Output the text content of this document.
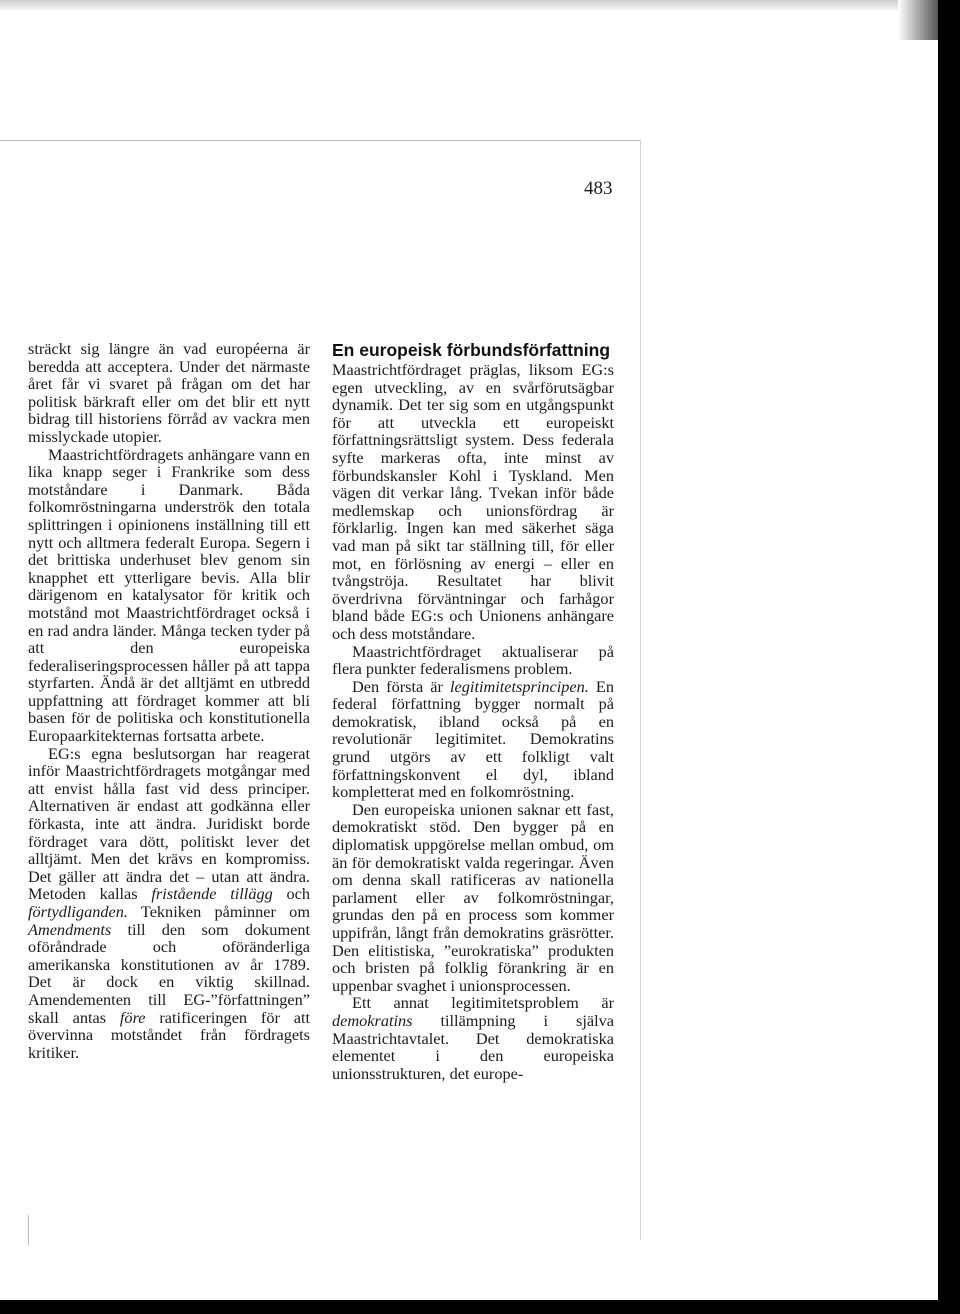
483

sträckt sig längre än vad européerna är beredda att acceptera. Under det närmaste året får vi svaret på frågan om det har politisk bärkraft eller om det blir ett nytt bidrag till historiens förråd av vackra men misslyckade utopier.

Maastrichtfördragets anhängare vann en lika knapp seger i Frankrike som dess motståndare i Danmark. Båda folkomröstningarna underströk den totala splittringen i opinionens inställning till ett nytt och alltmera federalt Europa. Segern i det brittiska underhuset blev genom sin knapphet ett ytterligare bevis. Alla blir därigenom en katalysator för kritik och motstånd mot Maastrichtfördraget också i en rad andra länder. Många tecken tyder på att den europeiska federaliseringsprocessen håller på att tappa styrfarten. Ändå är det alltjämt en utbredd uppfattning att fördraget kommer att bli basen för de politiska och konstitutionella Europaarkitekternas fortsatta arbete.

EG:s egna beslutsorgan har reagerat inför Maastrichtfördragets motgångar med att envist hålla fast vid dess principer. Alternativen är endast att godkänna eller förkasta, inte att ändra. Juridiskt borde fördraget vara dött, politiskt lever det alltjämt. Men det krävs en kompromiss. Det gäller att ändra det – utan att ändra. Metoden kallas fristående tillägg och förtydliganden. Tekniken påminner om Amendments till den som dokument oföråndrade och oföränderliga amerikanska konstitutionen av år 1789. Det är dock en viktig skillnad. Amendementen till EG-”författningen” skall antas före ratificeringen för att övervinna motståndet från fördragets kritiker.

En europeisk förbundsförfattning

Maastrichtfördraget präglas, liksom EG:s egen utveckling, av en svårförutsägbar dynamik. Det ter sig som en utgångspunkt för att utveckla ett europeiskt författningsrättsligt system. Dess federala syfte markeras ofta, inte minst av förbundskansler Kohl i Tyskland. Men vägen dit verkar lång. Tvekan inför både medlemskap och unionsfördrag är förklarlig. Ingen kan med säkerhet säga vad man på sikt tar ställning till, för eller mot, en förlösning av energi – eller en tvångströja. Resultatet har blivit överdrivna förväntningar och farhågor bland både EG:s och Unionens anhängare och dess motståndare.

Maastrichtfördraget aktualiserar på flera punkter federalismens problem.

Den första är legitimitetsprincipen. En federal författning bygger normalt på demokratisk, ibland också på en revolutionär legitimitet. Demokratins grund utgörs av ett folkligt valt författningskonvent el dyl, ibland kompletterat med en folkomröstning.

Den europeiska unionen saknar ett fast, demokratiskt stöd. Den bygger på en diplomatisk uppgörelse mellan ombud, om än för demokratiskt valda regeringar. Även om denna skall ratificeras av nationella parlament eller av folkomröstningar, grundas den på en process som kommer uppifrån, långt från demokratins gräsrötter. Den elitistiska, ”eurokratiska” produkten och bristen på folklig förankring är en uppenbar svaghet i unionsprocessen.

Ett annat legitimitetsproblem är demokratins tillämpning i själva Maastrichtavtalet. Det demokratiska elementet i den europeiska unionsstrukturen, det europe-
